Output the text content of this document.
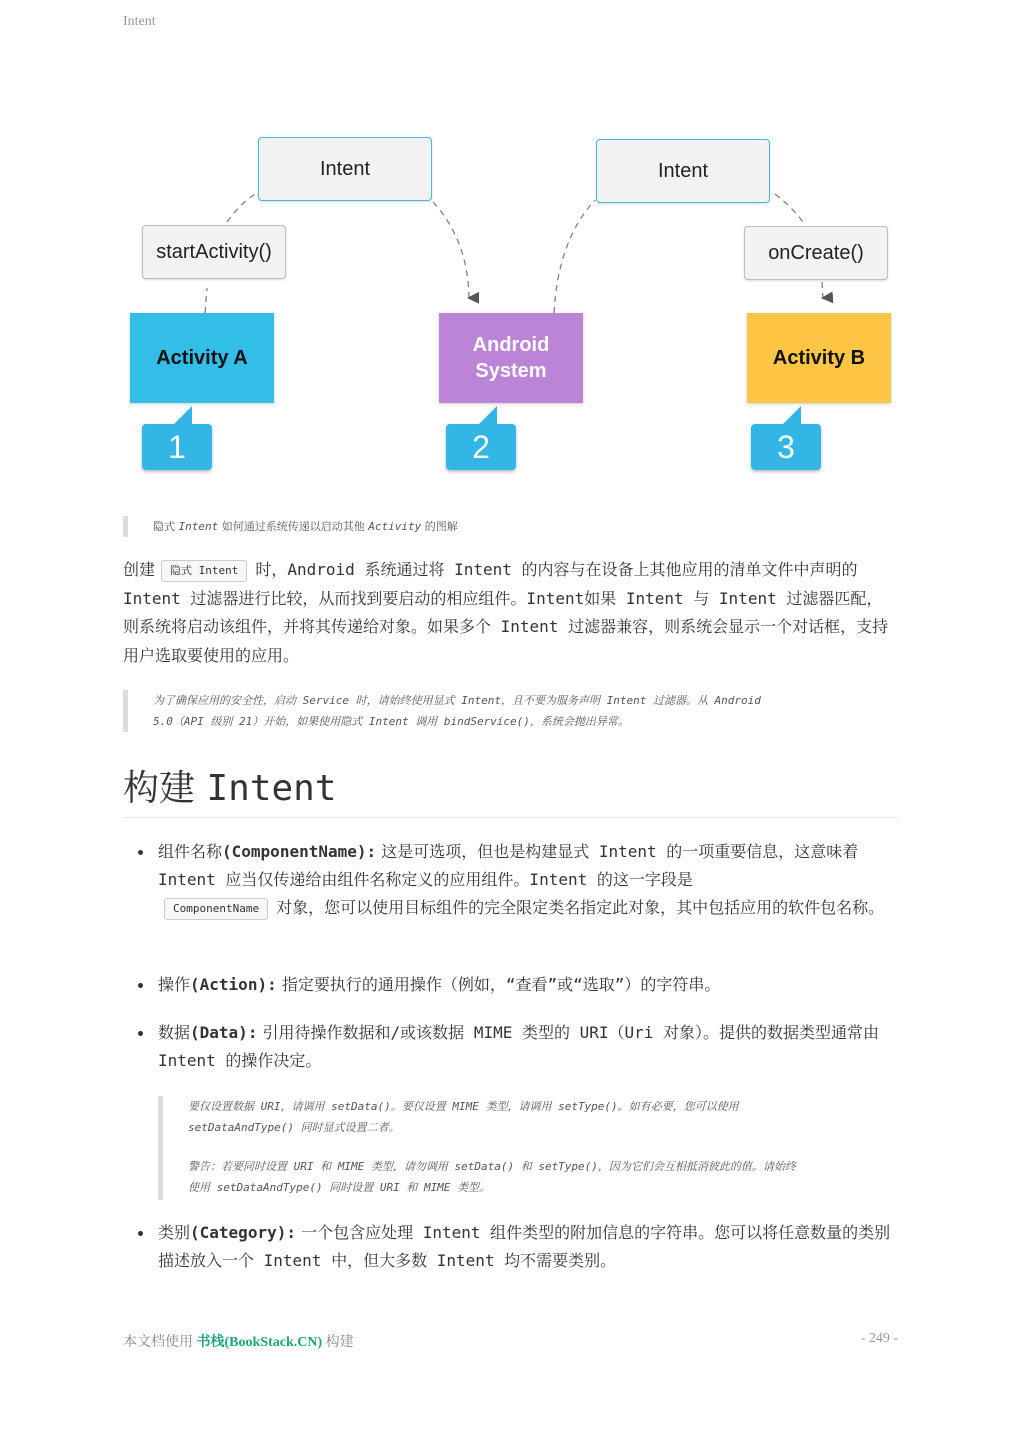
Intent
Intent	Intent
startActivity()	onCreate()
Activity A
Android
System
Activity B
1	2	3
隐式 Intent 如何通过系统传递以启动其他 Activity 的图解
创建 隐式 Intent 时，Android 系统通过将 Intent 的内容与在设备上其他应用的清单文件中声明的 Intent 过滤器进行比较，从而找到要启动的相应组件。Intent如果 Intent 与 Intent 过滤器匹配，则系统将启动该组件，并将其传递给对象。如果多个 Intent 过滤器兼容，则系统会显示一个对话框，支持用户选取要使用的应用。
为了确保应用的安全性，启动 Service 时，请始终使用显式 Intent，且不要为服务声明 Intent 过滤器。从 Android
5.0（API 级别 21）开始，如果使用隐式 Intent 调用 bindService()，系统会抛出异常。
构建 Intent
组件名称(ComponentName): 这是可选项，但也是构建显式 Intent 的一项重要信息，这意味着 Intent 应当仅传递给由组件名称定义的应用组件。Intent 的这一字段是
ComponentName 对象，您可以使用目标组件的完全限定类名指定此对象，其中包括应用的软件包名称。
操作(Action): 指定要执行的通用操作（例如，“查看”或“选取”）的字符串。
数据(Data): 引用待操作数据和/或该数据 MIME 类型的 URI（Uri 对象）。提供的数据类型通常由 Intent 的操作决定。
要仅设置数据 URI，请调用 setData()。要仅设置 MIME 类型，请调用 setType()。如有必要，您可以使用
setDataAndType() 同时显式设置二者。
警告：若要同时设置 URI 和 MIME 类型，请勿调用 setData() 和 setType()，因为它们会互相抵消彼此的值。请始终
使用 setDataAndType() 同时设置 URI 和 MIME 类型。
类别(Category): 一个包含应处理 Intent 组件类型的附加信息的字符串。您可以将任意数量的类别描述放入一个 Intent 中，但大多数 Intent 均不需要类别。
本文档使用 书栈(BookStack.CN) 构建	- 249 -
